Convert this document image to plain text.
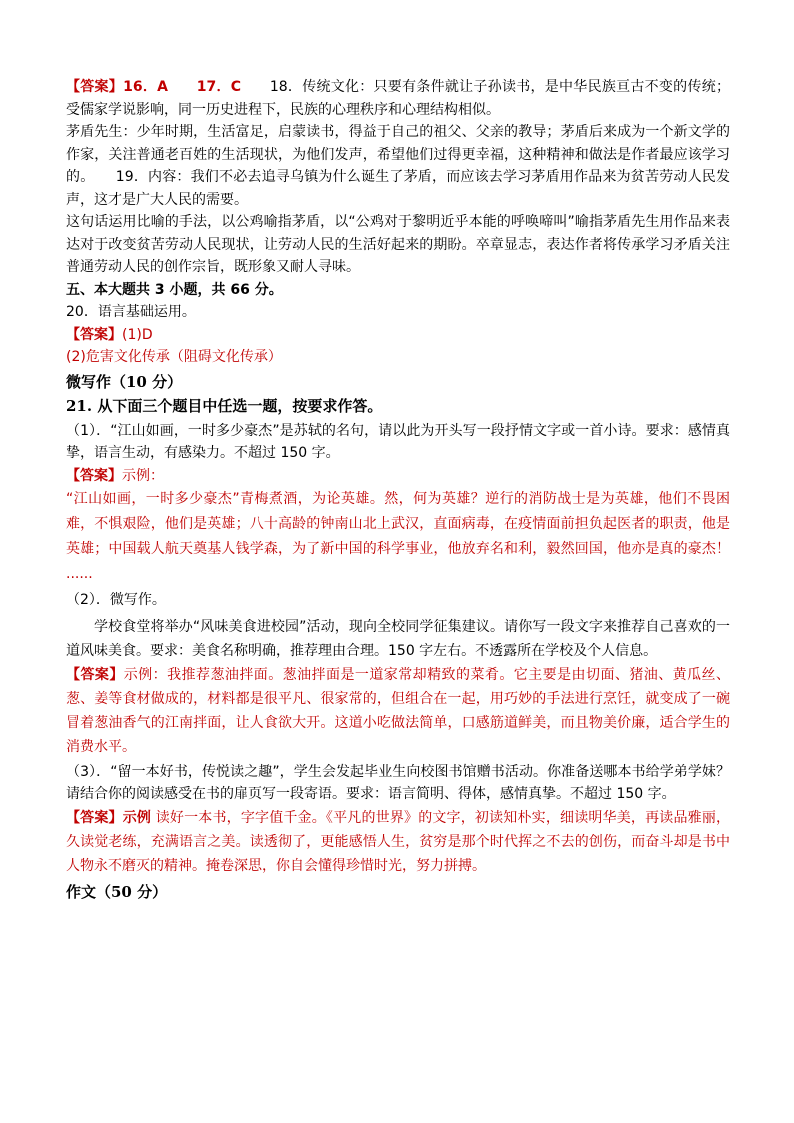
【答案】16．A　　17．C　　18．传统文化：只要有条件就让子孙读书，是中华民族亘古不变的传统；受儒家学说影响，同一历史进程下，民族的心理秩序和心理结构相似。

茅盾先生：少年时期，生活富足，启蒙读书，得益于自己的祖父、父亲的教导；茅盾后来成为一个新文学的作家，关注普通老百姓的生活现状，为他们发声，希望他们过得更幸福，这种精神和做法是作者最应该学习的。　　19．内容：我们不必去追寻乌镇为什么诞生了茅盾，而应该去学习茅盾用作品来为贫苦劳动人民发声，这才是广大人民的需要。

这句话运用比喻的手法，以公鸡喻指茅盾，以“公鸡对于黎明近乎本能的呼唤啼叫”喻指茅盾先生用作品来表达对于改变贫苦劳动人民现状，让劳动人民的生活好起来的期盼。卒章显志，表达作者将传承学习矛盾关注普通劳动人民的创作宗旨，既形象又耐人寻味。

五、本大题共 3 小题，共 66 分。

20．语言基础运用。

【答案】(1)D

(2)危害文化传承（阻碍文化传承）

微写作（10 分）

21. 从下面三个题目中任选一题，按要求作答。

（1）．“江山如画，一时多少豪杰”是苏轼的名句，请以此为开头写一段抒情文字或一首小诗。要求：感情真挚，语言生动，有感染力。不超过 150 字。

【答案】示例：

“江山如画，一时多少豪杰”青梅煮酒，为论英雄。然，何为英雄？逆行的消防战士是为英雄，他们不畏困难，不惧艰险，他们是英雄；八十高龄的钟南山北上武汉，直面病毒，在疫情面前担负起医者的职责，他是英雄；中国载人航天奠基人钱学森，为了新中国的科学事业，他放弃名和利，毅然回国，他亦是真的豪杰！ ......

（2）．微写作。

学校食堂将举办“风味美食进校园”活动，现向全校同学征集建议。请你写一段文字来推荐自己喜欢的一道风味美食。要求：美食名称明确，推荐理由合理。150 字左右。不透露所在学校及个人信息。

【答案】示例：我推荐葱油拌面。葱油拌面是一道家常却精致的菜肴。它主要是由切面、猪油、黄瓜丝、葱、姜等食材做成的，材料都是很平凡、很家常的，但组合在一起，用巧妙的手法进行烹饪，就变成了一碗冒着葱油香气的江南拌面，让人食欲大开。这道小吃做法简单，口感筋道鲜美，而且物美价廉，适合学生的消费水平。

（3）．“留一本好书，传悦读之趣”，学生会发起毕业生向校图书馆赠书活动。你准备送哪本书给学弟学妹？请结合你的阅读感受在书的扉页写一段寄语。要求：语言简明、得体，感情真挚。不超过 150 字。

【答案】示例 读好一本书，字字值千金。《平凡的世界》的文字，初读知朴实，细读明华美，再读品雅丽，久读觉老练，充满语言之美。读透彻了，更能感悟人生，贫穷是那个时代挥之不去的创伤，而奋斗却是书中人物永不磨灭的精神。掩卷深思，你自会懂得珍惜时光，努力拼搏。

作文（50 分）
